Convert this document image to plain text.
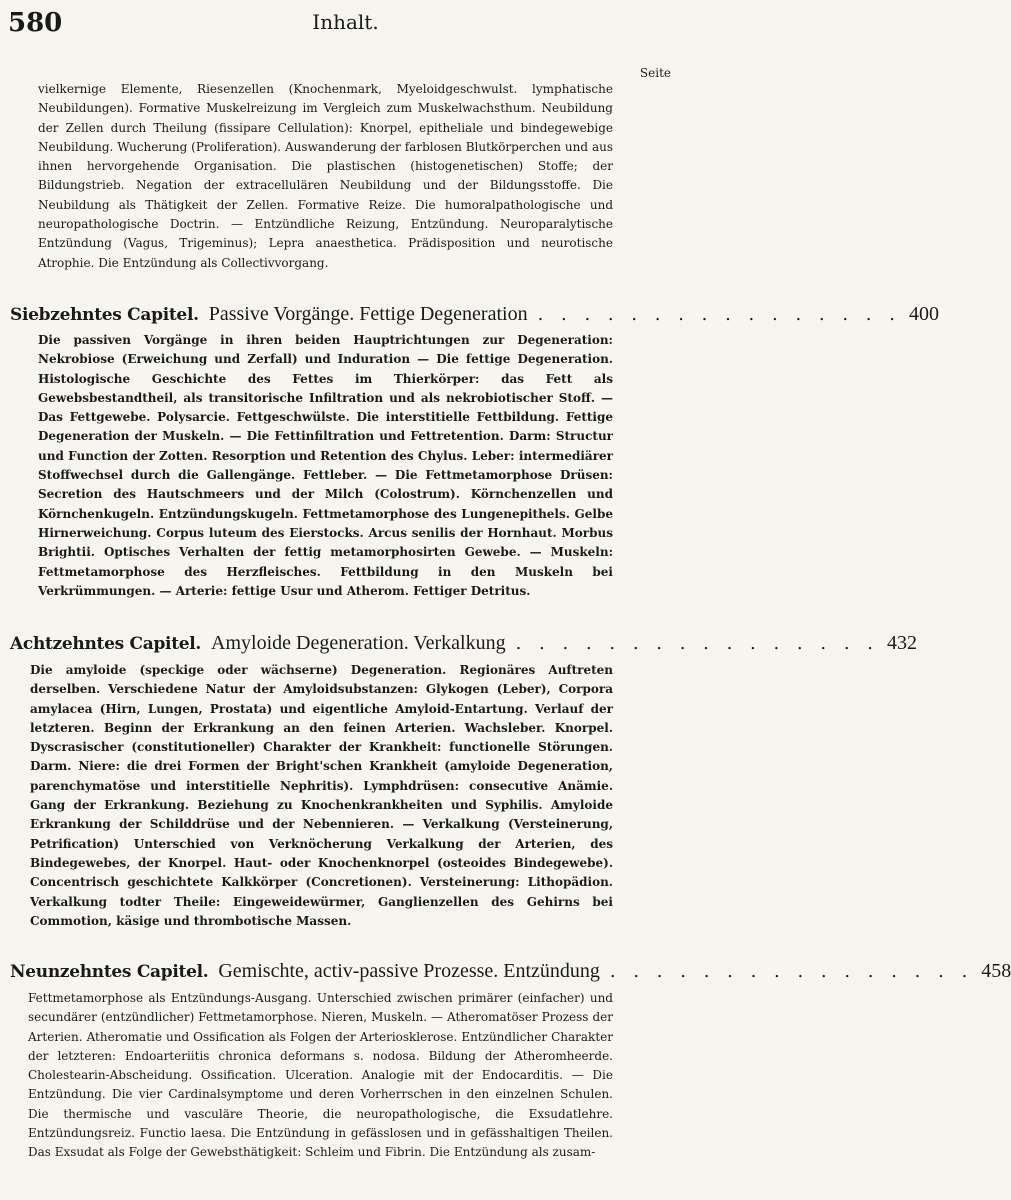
580	Inhalt.
Seite
vielkernige Elemente, Riesenzellen (Knochenmark, Myeloidgeschwulst. lymphatische Neubildungen). Formative Muskelreizung im Vergleich zum Muskelwachsthum. Neubildung der Zellen durch Theilung (fissipare Cellulation): Knorpel, epitheliale und bindegewebige Neubildung. Wucherung (Proliferation). Auswanderung der farblosen Blutkörperchen und aus ihnen hervorgehende Organisation. Die plastischen (histogenetischen) Stoffe; der Bildungstrieb. Negation der extracellulären Neubildung und der Bildungsstoffe. Die Neubildung als Thätigkeit der Zellen. Formative Reize. Die humoralpathologische und neuropathologische Doctrin. — Entzündliche Reizung, Entzündung. Neuroparalytische Entzündung (Vagus, Trigeminus); Lepra anaesthetica. Prädisposition und neurotische Atrophie. Die Entzündung als Collectivvorgang.
Siebzehntes Capitel. Passive Vorgänge. Fettige Degeneration . . . . . . . . . . . . . . . . 400
Die passiven Vorgänge in ihren beiden Hauptrichtungen zur Degeneration: Nekrobiose (Erweichung und Zerfall) und Induration — Die fettige Degeneration. Histologische Geschichte des Fettes im Thierkörper: das Fett als Gewebsbestandtheil, als transitorische Infiltration und als nekrobiotischer Stoff. — Das Fettgewebe. Polysarcie. Fettgeschwülste. Die interstitielle Fettbildung. Fettige Degeneration der Muskeln. — Die Fettinfiltration und Fettretention. Darm: Structur und Function der Zotten. Resorption und Retention des Chylus. Leber: intermediärer Stoffwechsel durch die Gallengänge. Fettleber. — Die Fettmetamorphose Drüsen: Secretion des Hautschmeers und der Milch (Colostrum). Körnchenzellen und Körnchenkugeln. Entzündungskugeln. Fettmetamorphose des Lungenepithels. Gelbe Hirnerweichung. Corpus luteum des Eierstocks. Arcus senilis der Hornhaut. Morbus Brightii. Optisches Verhalten der fettig metamorphosirten Gewebe. — Muskeln: Fettmetamorphose des Herzfleisches. Fettbildung in den Muskeln bei Verkrümmungen. — Arterie: fettige Usur und Atherom. Fettiger Detritus.
Achtzehntes Capitel. Amyloide Degeneration. Verkalkung . . . . . . . . . . . . . . . . 432
Die amyloide (speckige oder wächserne) Degeneration. Regionäres Auftreten derselben. Verschiedene Natur der Amyloidsubstanzen: Glykogen (Leber), Corpora amylacea (Hirn, Lungen, Prostata) und eigentliche Amyloid-Entartung. Verlauf der letzteren. Beginn der Erkrankung an den feinen Arterien. Wachsleber. Knorpel. Dyscrasischer (constitutioneller) Charakter der Krankheit: functionelle Störungen. Darm. Niere: die drei Formen der Bright'schen Krankheit (amyloide Degeneration, parenchymatöse und interstitielle Nephritis). Lymphdrüsen: consecutive Anämie. Gang der Erkrankung. Beziehung zu Knochenkrankheiten und Syphilis. Amyloide Erkrankung der Schilddrüse und der Nebennieren. — Verkalkung (Versteinerung, Petrification) Unterschied von Verknöcherung Verkalkung der Arterien, des Bindegewebes, der Knorpel. Haut- oder Knochenknorpel (osteoides Bindegewebe). Concentrisch geschichtete Kalkkörper (Concretionen). Versteinerung: Lithopädion. Verkalkung todter Theile: Eingeweidewürmer, Ganglienzellen des Gehirns bei Commotion, käsige und thrombotische Massen.
Neunzehntes Capitel. Gemischte, activ-passive Prozesse. Entzündung . . . . . . . . . . . . . . . . 458
Fettmetamorphose als Entzündungs-Ausgang. Unterschied zwischen primärer (einfacher) und secundärer (entzündlicher) Fettmetamorphose. Nieren, Muskeln. — Atheromatöser Prozess der Arterien. Atheromatie und Ossification als Folgen der Arteriosklerose. Entzündlicher Charakter der letzteren: Endoarteriitis chronica deformans s. nodosa. Bildung der Atheromheerde. Cholestearin-Abscheidung. Ossification. Ulceration. Analogie mit der Endocarditis. — Die Entzündung. Die vier Cardinalsymptome und deren Vorherrschen in den einzelnen Schulen. Die thermische und vasculäre Theorie, die neuropathologische, die Exsudatlehre. Entzündungsreiz. Functio laesa. Die Entzündung in gefässlosen und in gefässhaltigen Theilen. Das Exsudat als Folge der Gewebsthätigkeit: Schleim und Fibrin. Die Entzündung als zusam-
